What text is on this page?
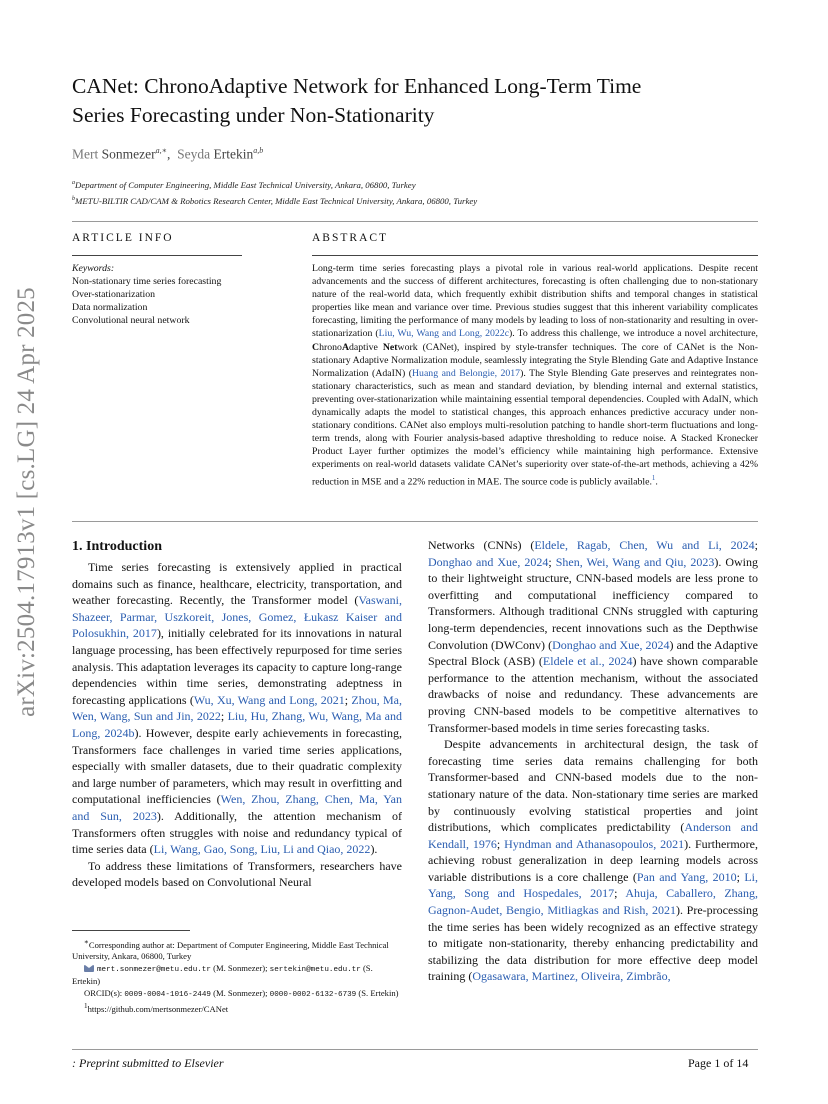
arXiv:2504.17913v1 [cs.LG] 24 Apr 2025
CANet: ChronoAdaptive Network for Enhanced Long-Term Time
Series Forecasting under Non-Stationarity
Mert Sonmezer$^{a,∗}$, Seyda Ertekin$^{a,b}$
$^a$Department of Computer Engineering, Middle East Technical University, Ankara, 06800, Turkey
$^b$METU-BILTIR CAD/CAM & Robotics Research Center, Middle East Technical University, Ankara, 06800, Turkey
ARTICLE INFO
Keywords:
Non-stationary time series forecasting
Over-stationarization
Data normalization
Convolutional neural network
ABSTRACT
Long-term time series forecasting plays a pivotal role in various real-world applications. Despite recent advancements and the success of different architectures, forecasting is often challenging due to non-stationary nature of the real-world data, which frequently exhibit distribution shifts and temporal changes in statistical properties like mean and variance over time. Previous studies suggest that this inherent variability complicates forecasting, limiting the performance of many models by leading to loss of non-stationarity and resulting in over-stationarization (Liu, Wu, Wang and Long, 2022c). To address this challenge, we introduce a novel architecture, ChronoAdaptive Network (CANet), inspired by style-transfer techniques. The core of CANet is the Non-stationary Adaptive Normalization module, seamlessly integrating the Style Blending Gate and Adaptive Instance Normalization (AdaIN) (Huang and Belongie, 2017). The Style Blending Gate preserves and reintegrates non-stationary characteristics, such as mean and standard deviation, by blending internal and external statistics, preventing over-stationarization while maintaining essential temporal dependencies. Coupled with AdaIN, which dynamically adapts the model to statistical changes, this approach enhances predictive accuracy under non-stationary conditions. CANet also employs multi-resolution patching to handle short-term fluctuations and long-term trends, along with Fourier analysis-based adaptive thresholding to reduce noise. A Stacked Kronecker Product Layer further optimizes the model’s efficiency while maintaining high performance. Extensive experiments on real-world datasets validate CANet’s superiority over state-of-the-art methods, achieving a 42% reduction in MSE and a 22% reduction in MAE. The source code is publicly available.$^1$.
1. Introduction

Time series forecasting is extensively applied in practical domains such as finance, healthcare, electricity, transportation, and weather forecasting. Recently, the Transformer model (Vaswani, Shazeer, Parmar, Uszkoreit, Jones, Gomez, Łukasz Kaiser and Polosukhin, 2017), initially celebrated for its innovations in natural language processing, has been effectively repurposed for time series analysis. This adaptation leverages its capacity to capture long-range dependencies within time series, demonstrating adeptness in forecasting applications (Wu, Xu, Wang and Long, 2021; Zhou, Ma, Wen, Wang, Sun and Jin, 2022; Liu, Hu, Zhang, Wu, Wang, Ma and Long, 2024b). However, despite early achievements in forecasting, Transformers face challenges in varied time series applications, especially with smaller datasets, due to their quadratic complexity and large number of parameters, which may result in overfitting and computational inefficiencies (Wen, Zhou, Zhang, Chen, Ma, Yan and Sun, 2023). Additionally, the attention mechanism of Transformers often struggles with noise and redundancy typical of time series data (Li, Wang, Gao, Song, Liu, Li and Qiao, 2022).

To address these limitations of Transformers, researchers have developed models based on Convolutional Neural

∗Corresponding author at: Department of Computer Engineering, Middle East Technical University, Ankara, 06800, Turkey
mert.sonmezer@metu.edu.tr (M. Sonmezer); sertekin@metu.edu.tr (S. Ertekin)
ORCID(s): 0009-0004-1016-2449 (M. Sonmezer); 0000-0002-6132-6739 (S. Ertekin)
$^1$https://github.com/mertsonmezer/CANet

Networks (CNNs) (Eldele, Ragab, Chen, Wu and Li, 2024; Donghao and Xue, 2024; Shen, Wei, Wang and Qiu, 2023). Owing to their lightweight structure, CNN-based models are less prone to overfitting and computational inefficiency compared to Transformers. Although traditional CNNs struggled with capturing long-term dependencies, recent innovations such as the Depthwise Convolution (DWConv) (Donghao and Xue, 2024) and the Adaptive Spectral Block (ASB) (Eldele et al., 2024) have shown comparable performance to the attention mechanism, without the associated drawbacks of noise and redundancy. These advancements are proving CNN-based models to be competitive alternatives to Transformer-based models in time series forecasting tasks.

Despite advancements in architectural design, the task of forecasting time series data remains challenging for both Transformer-based and CNN-based models due to the non-stationary nature of the data. Non-stationary time series are marked by continuously evolving statistical properties and joint distributions, which complicates predictability (Anderson and Kendall, 1976; Hyndman and Athanasopoulos, 2021). Furthermore, achieving robust generalization in deep learning models across variable distributions is a core challenge (Pan and Yang, 2010; Li, Yang, Song and Hospedales, 2017; Ahuja, Caballero, Zhang, Gagnon-Audet, Bengio, Mitliagkas and Rish, 2021). Pre-processing the time series has been widely recognized as an effective strategy to mitigate non-stationarity, thereby enhancing predictability and stabilizing the data distribution for more effective deep model training (Ogasawara, Martinez, Oliveira, Zimbrão,

: Preprint submitted to Elsevier	Page 1 of 14
